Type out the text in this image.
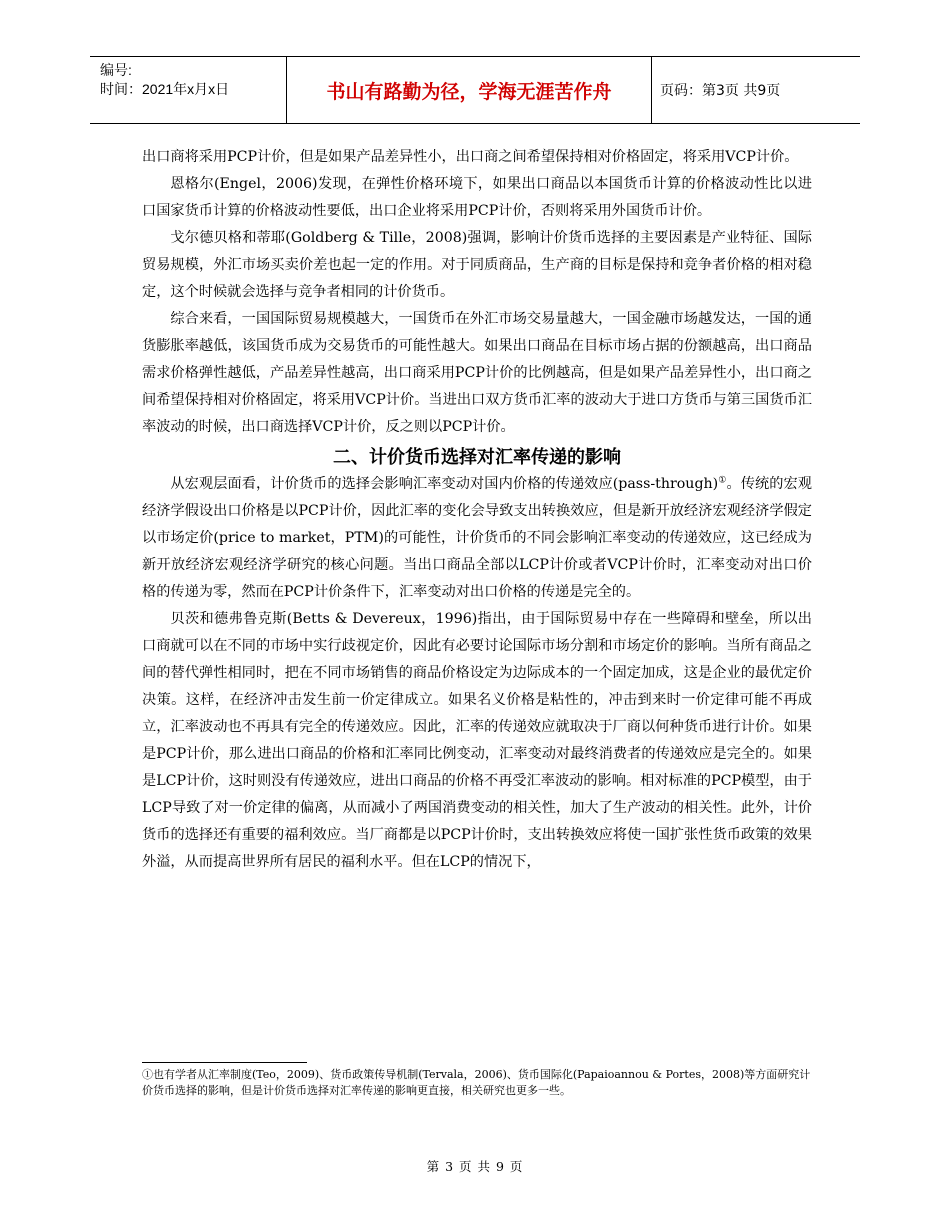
编号:
时间：2021年x月x日	书山有路勤为径，学海无涯苦作舟	页码：第3页 共9页

出口商将采用PCP计价，但是如果产品差异性小，出口商之间希望保持相对价格固定，将采用VCP计价。

恩格尔(Engel，2006)发现，在弹性价格环境下，如果出口商品以本国货币计算的价格波动性比以进口国家货币计算的价格波动性要低，出口企业将采用PCP计价，否则将采用外国货币计价。

戈尔德贝格和蒂耶(Goldberg & Tille，2008)强调，影响计价货币选择的主要因素是产业特征、国际贸易规模，外汇市场买卖价差也起一定的作用。对于同质商品，生产商的目标是保持和竞争者价格的相对稳定，这个时候就会选择与竞争者相同的计价货币。

综合来看，一国国际贸易规模越大，一国货币在外汇市场交易量越大，一国金融市场越发达，一国的通货膨胀率越低，该国货币成为交易货币的可能性越大。如果出口商品在目标市场占据的份额越高，出口商品需求价格弹性越低，产品差异性越高，出口商采用PCP计价的比例越高，但是如果产品差异性小，出口商之间希望保持相对价格固定，将采用VCP计价。当进出口双方货币汇率的波动大于进口方货币与第三国货币汇率波动的时候，出口商选择VCP计价，反之则以PCP计价。

二、计价货币选择对汇率传递的影响

从宏观层面看，计价货币的选择会影响汇率变动对国内价格的传递效应(pass-through)①。传统的宏观经济学假设出口价格是以PCP计价，因此汇率的变化会导致支出转换效应，但是新开放经济宏观经济学假定以市场定价(price to market，PTM)的可能性，计价货币的不同会影响汇率变动的传递效应，这已经成为新开放经济宏观经济学研究的核心问题。当出口商品全部以LCP计价或者VCP计价时，汇率变动对出口价格的传递为零，然而在PCP计价条件下，汇率变动对出口价格的传递是完全的。

贝茨和德弗鲁克斯(Betts & Devereux，1996)指出，由于国际贸易中存在一些障碍和壁垒，所以出口商就可以在不同的市场中实行歧视定价，因此有必要讨论国际市场分割和市场定价的影响。当所有商品之间的替代弹性相同时，把在不同市场销售的商品价格设定为边际成本的一个固定加成，这是企业的最优定价决策。这样，在经济冲击发生前一价定律成立。如果名义价格是粘性的，冲击到来时一价定律可能不再成立，汇率波动也不再具有完全的传递效应。因此，汇率的传递效应就取决于厂商以何种货币进行计价。如果是PCP计价，那么进出口商品的价格和汇率同比例变动，汇率变动对最终消费者的传递效应是完全的。如果是LCP计价，这时则没有传递效应，进出口商品的价格不再受汇率波动的影响。相对标准的PCP模型，由于LCP导致了对一价定律的偏离，从而减小了两国消费变动的相关性，加大了生产波动的相关性。此外，计价货币的选择还有重要的福利效应。当厂商都是以PCP计价时，支出转换效应将使一国扩张性货币政策的效果外溢，从而提高世界所有居民的福利水平。但在LCP的情况下，

①也有学者从汇率制度(Teo，2009)、货币政策传导机制(Tervala，2006)、货币国际化(Papaioannou & Portes，2008)等方面研究计价货币选择的影响，但是计价货币选择对汇率传递的影响更直接，相关研究也更多一些。
第 3 页 共 9 页
